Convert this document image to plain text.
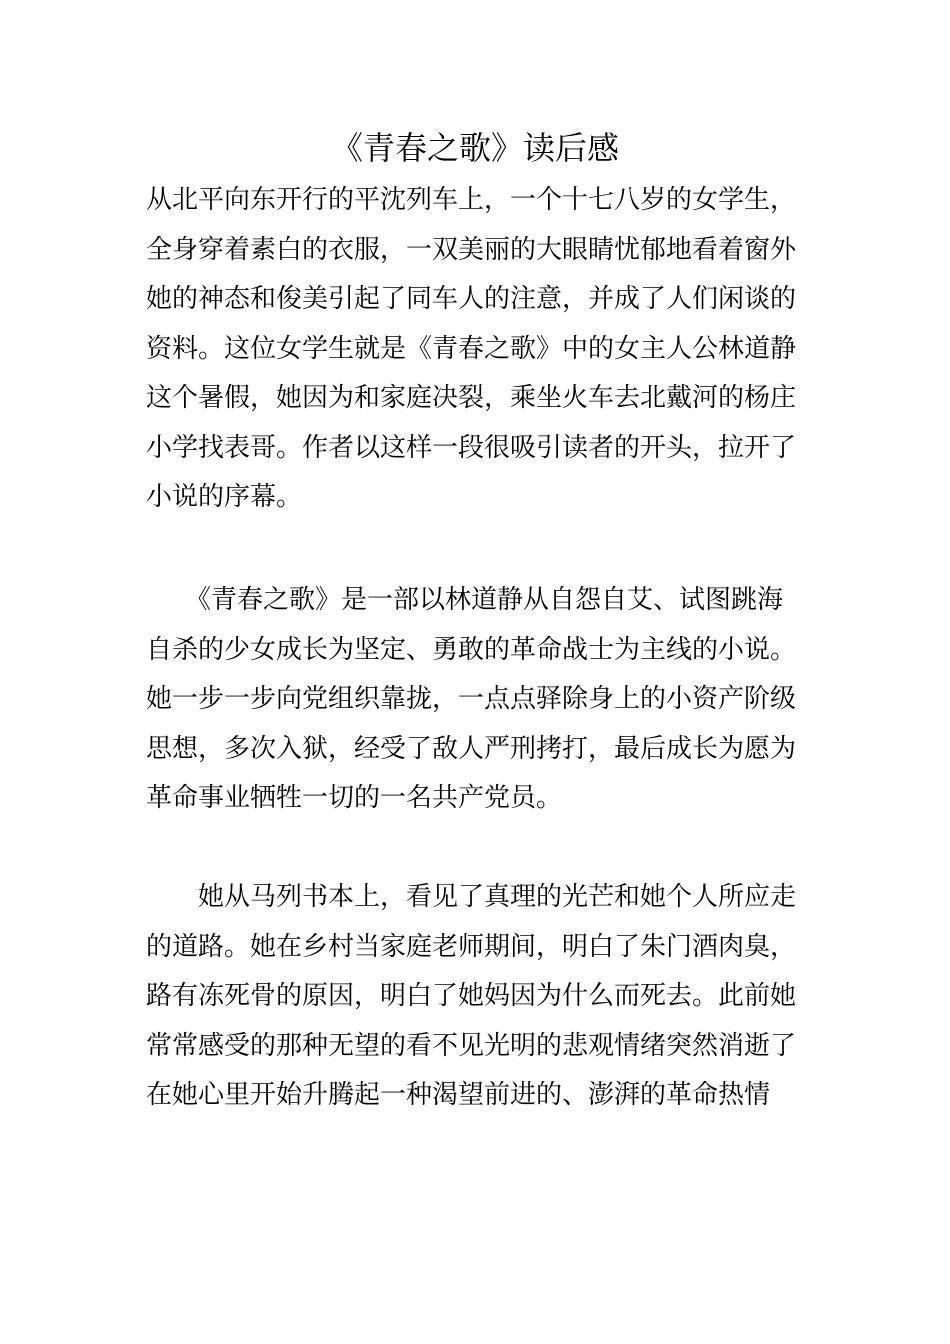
《青春之歌》读后感

从北平向东开行的平沈列车上，一个十七八岁的女学生，
全身穿着素白的衣服，一双美丽的大眼睛忧郁地看着窗外
她的神态和俊美引起了同车人的注意，并成了人们闲谈的
资料。这位女学生就是《青春之歌》中的女主人公林道静
这个暑假，她因为和家庭决裂，乘坐火车去北戴河的杨庄
小学找表哥。作者以这样一段很吸引读者的开头，拉开了
小说的序幕。

　　《青春之歌》是一部以林道静从自怨自艾、试图跳海
自杀的少女成长为坚定、勇敢的革命战士为主线的小说。
她一步一步向党组织靠拢，一点点驿除身上的小资产阶级
思想，多次入狱，经受了敌人严刑拷打，最后成长为愿为
革命事业牺牲一切的一名共产党员。

　　她从马列书本上，看见了真理的光芒和她个人所应走
的道路。她在乡村当家庭老师期间，明白了朱门酒肉臭，
路有冻死骨的原因，明白了她妈因为什么而死去。此前她
常常感受的那种无望的看不见光明的悲观情绪突然消逝了
在她心里开始升腾起一种渴望前进的、澎湃的革命热情
